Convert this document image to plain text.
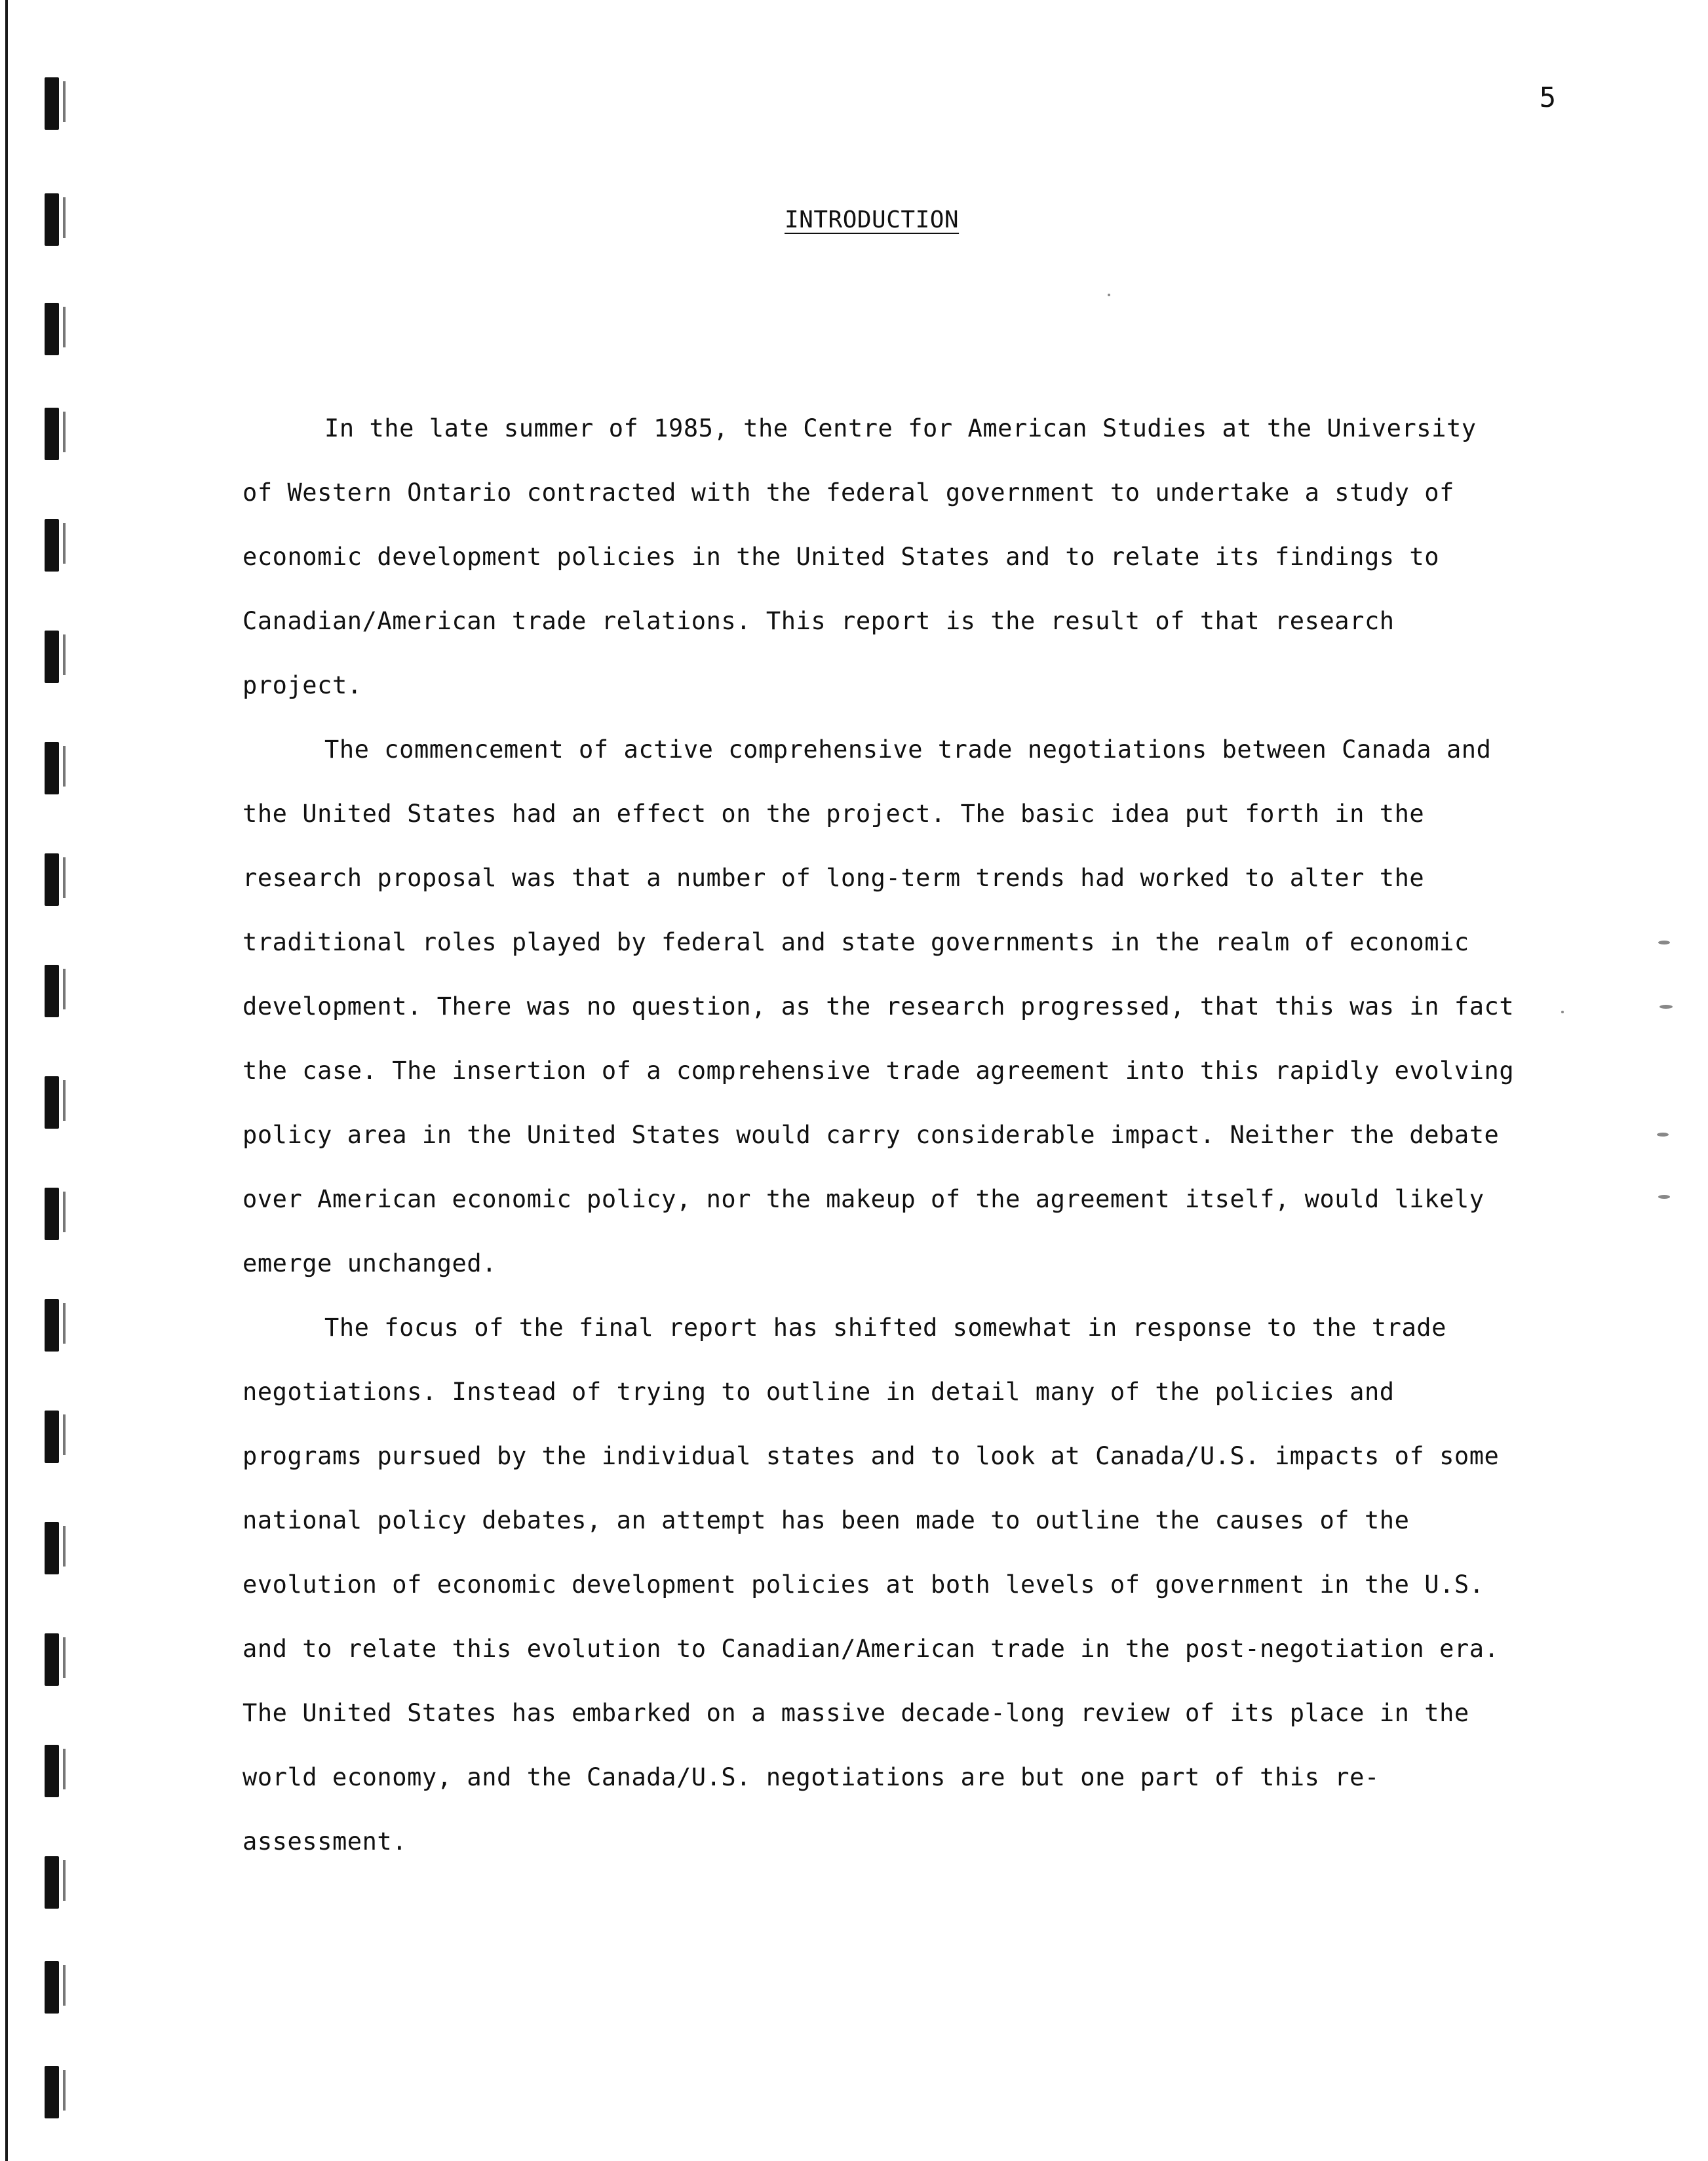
5
INTRODUCTION

In the late summer of 1985, the Centre for American Studies at the University of Western Ontario contracted with the federal government to undertake a study of economic development policies in the United States and to relate its findings to Canadian/American trade relations. This report is the result of that research project.

The commencement of active comprehensive trade negotiations between Canada and the United States had an effect on the project. The basic idea put forth in the research proposal was that a number of long-term trends had worked to alter the traditional roles played by federal and state governments in the realm of economic development. There was no question, as the research progressed, that this was in fact the case. The insertion of a comprehensive trade agreement into this rapidly evolving policy area in the United States would carry considerable impact. Neither the debate over American economic policy, nor the makeup of the agreement itself, would likely emerge unchanged.

The focus of the final report has shifted somewhat in response to the trade negotiations. Instead of trying to outline in detail many of the policies and programs pursued by the individual states and to look at Canada/U.S. impacts of some national policy debates, an attempt has been made to outline the causes of the evolution of economic development policies at both levels of government in the U.S. and to relate this evolution to Canadian/American trade in the post-negotiation era. The United States has embarked on a massive decade-long review of its place in the world economy, and the Canada/U.S. negotiations are but one part of this re-assessment.
